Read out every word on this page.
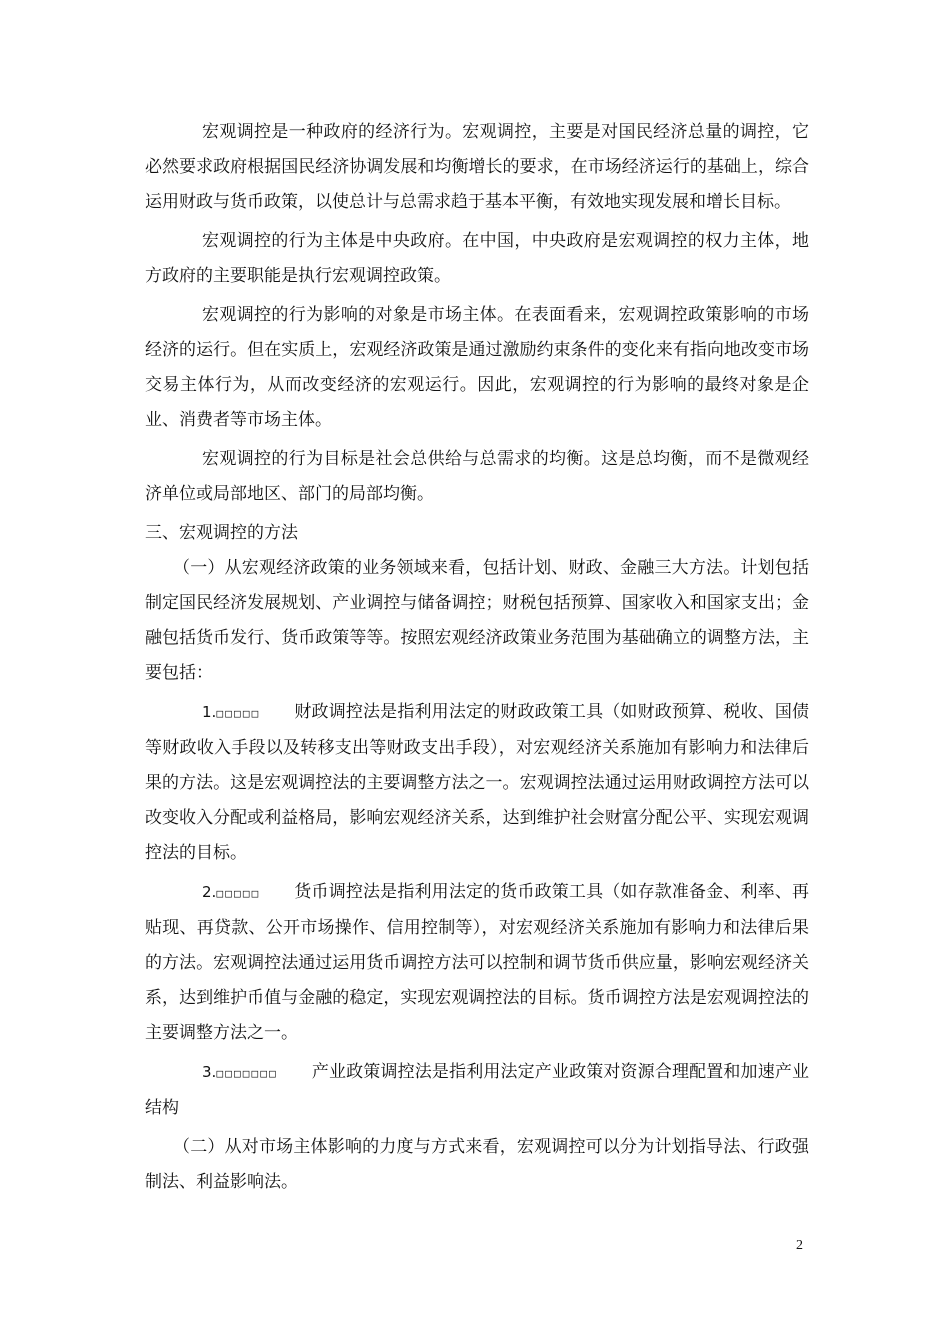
宏观调控是一种政府的经济行为。宏观调控，主要是对国民经济总量的调控，它必然要求政府根据国民经济协调发展和均衡增长的要求，在市场经济运行的基础上，综合运用财政与货币政策，以使总计与总需求趋于基本平衡，有效地实现发展和增长目标。

宏观调控的行为主体是中央政府。在中国，中央政府是宏观调控的权力主体，地方政府的主要职能是执行宏观调控政策。

宏观调控的行为影响的对象是市场主体。在表面看来，宏观调控政策影响的市场经济的运行。但在实质上，宏观经济政策是通过激励约束条件的变化来有指向地改变市场交易主体行为，从而改变经济的宏观运行。因此，宏观调控的行为影响的最终对象是企业、消费者等市场主体。

宏观调控的行为目标是社会总供给与总需求的均衡。这是总均衡，而不是微观经济单位或局部地区、部门的局部均衡。

三、宏观调控的方法

（一）从宏观经济政策的业务领域来看，包括计划、财政、金融三大方法。计划包括制定国民经济发展规划、产业调控与储备调控；财税包括预算、国家收入和国家支出；金融包括货币发行、货币政策等等。按照宏观经济政策业务范围为基础确立的调整方法，主要包括：

1.□□□□□ 财政调控法是指利用法定的财政政策工具（如财政预算、税收、国债等财政收入手段以及转移支出等财政支出手段），对宏观经济关系施加有影响力和法律后果的方法。这是宏观调控法的主要调整方法之一。宏观调控法通过运用财政调控方法可以改变收入分配或利益格局，影响宏观经济关系，达到维护社会财富分配公平、实现宏观调控法的目标。

2.□□□□□ 货币调控法是指利用法定的货币政策工具（如存款准备金、利率、再贴现、再贷款、公开市场操作、信用控制等），对宏观经济关系施加有影响力和法律后果的方法。宏观调控法通过运用货币调控方法可以控制和调节货币供应量，影响宏观经济关系，达到维护币值与金融的稳定，实现宏观调控法的目标。货币调控方法是宏观调控法的主要调整方法之一。

3.□□□□□□□ 产业政策调控法是指利用法定产业政策对资源合理配置和加速产业结构

（二）从对市场主体影响的力度与方式来看，宏观调控可以分为计划指导法、行政强制法、利益影响法。

2
